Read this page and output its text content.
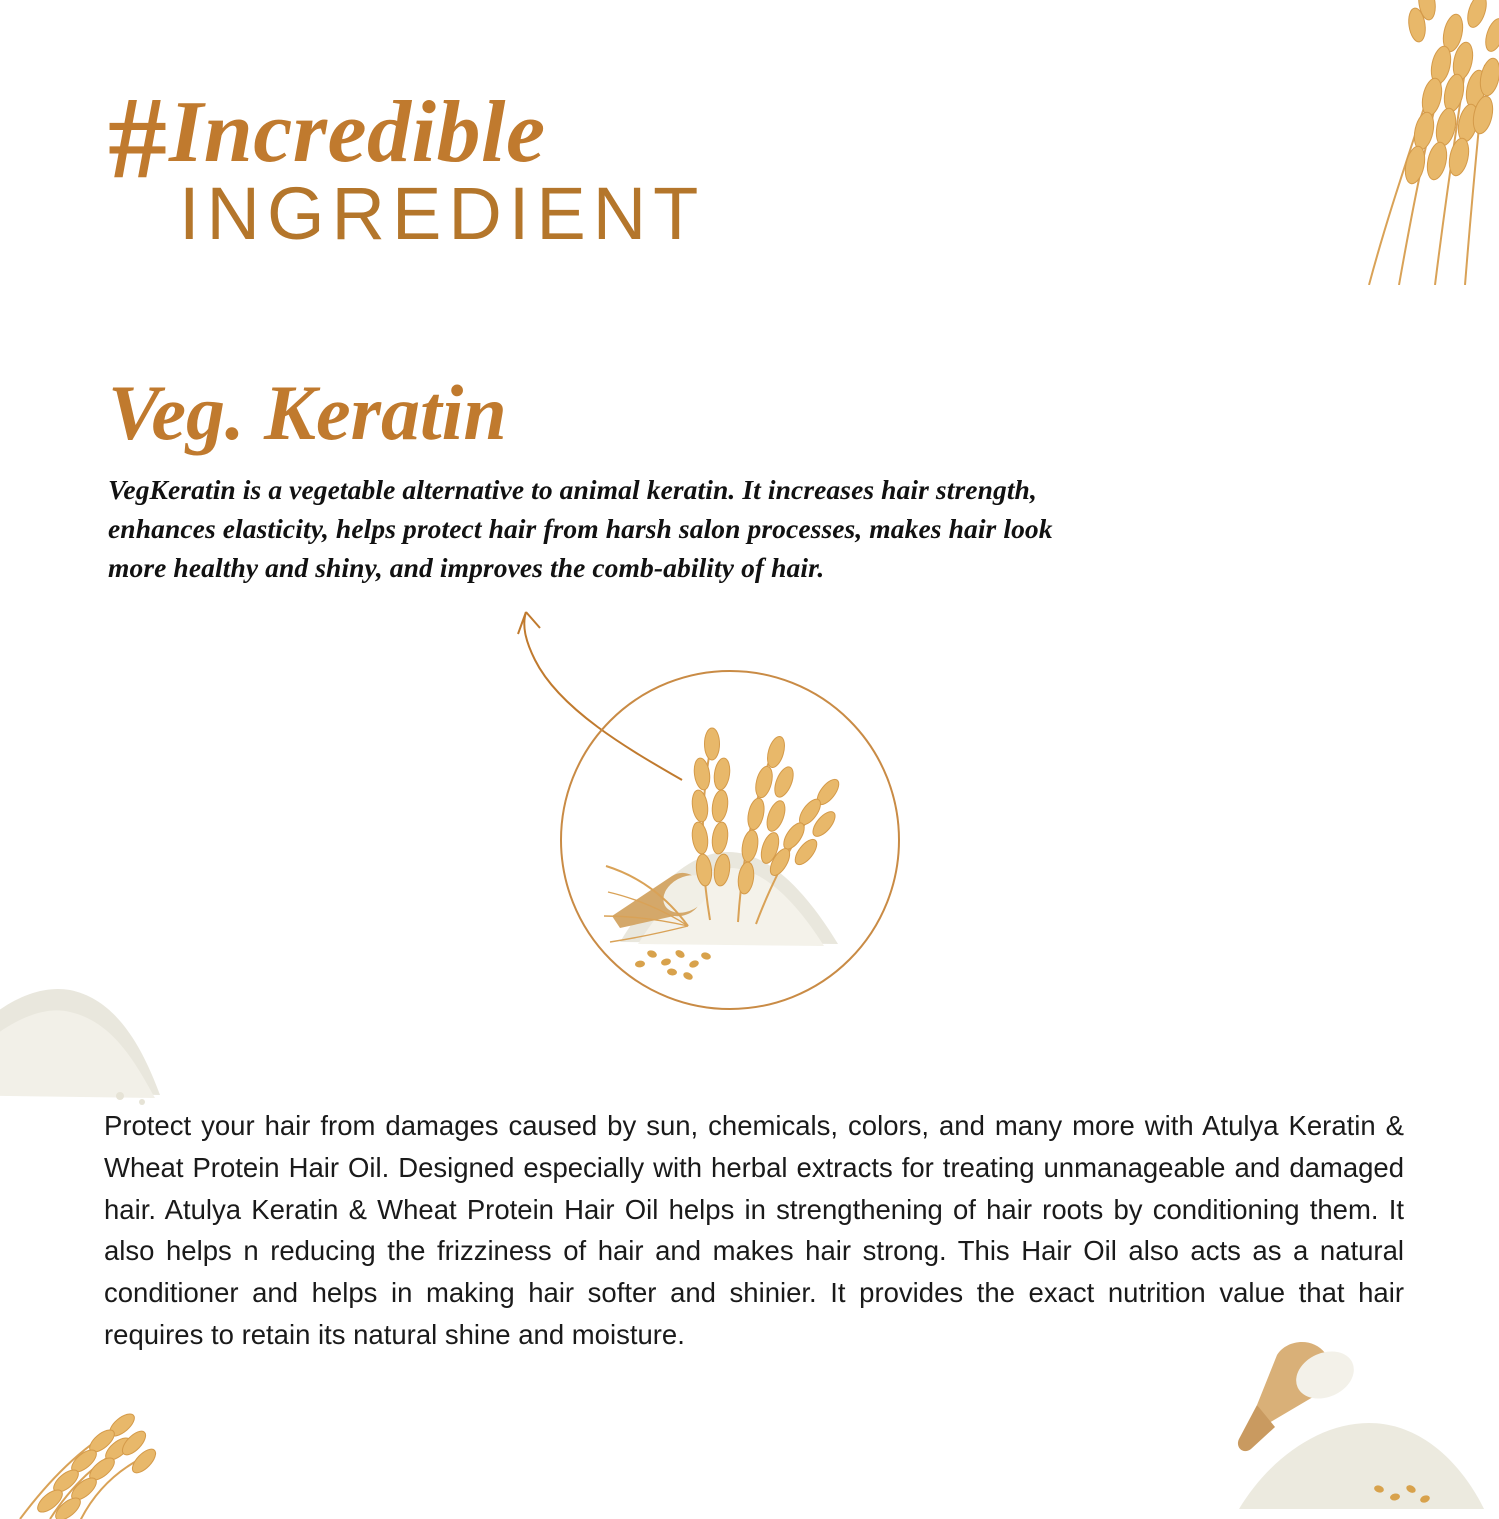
# Incredible
INGREDIENT
Veg. Keratin
VegKeratin is a vegetable alternative to animal keratin. It increases hair strength, enhances elasticity, helps protect hair from harsh salon processes, makes hair look more healthy and shiny, and improves the comb-ability of hair.
Protect your hair from damages caused by sun, chemicals, colors, and many more with Atulya Keratin & Wheat Protein Hair Oil. Designed especially with herbal extracts for treating unmanageable and damaged hair. Atulya Keratin & Wheat Protein Hair Oil helps in strengthening of hair roots by conditioning them. It also helps n reducing the frizziness of hair and makes hair strong. This Hair Oil also acts as a natural conditioner and helps in making hair softer and shinier. It provides the exact nutrition value that hair requires to retain its natural shine and moisture.
